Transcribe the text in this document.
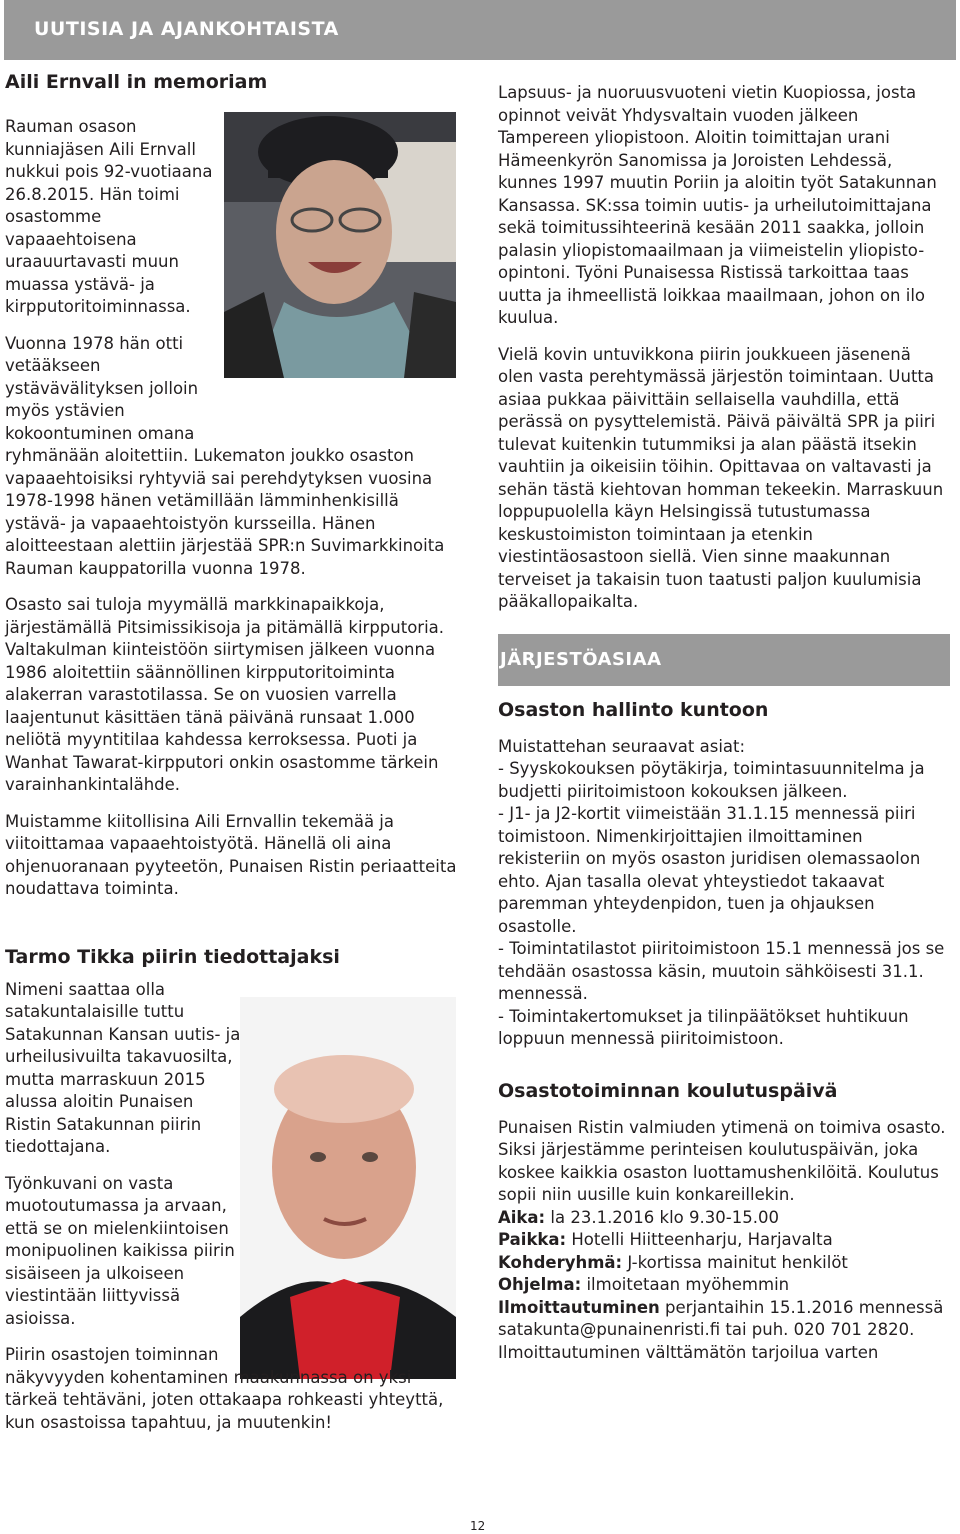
UUTISIA JA AJANKOHTAISTA

Aili Ernvall in memoriam

Rauman osason kunniajäsen Aili Ernvall nukkui pois 92-vuotiaana 26.8.2015. Hän toimi osastomme vapaaehtoisena uraauurtavasti muun muassa ystävä- ja kirpputoritoiminnassa.

Vuonna 1978 hän otti vetääkseen ystävävälityksen jolloin myös ystävien kokoontuminen omana ryhmänään aloitettiin. Lukematon joukko osaston vapaaehtoisiksi ryhtyviä sai perehdytyksen vuosina 1978-1998 hänen vetämillään lämminhenkisillä ystävä- ja vapaaehtoistyön kursseilla. Hänen aloitteestaan alettiin järjestää SPR:n Suvimarkkinoita Rauman kauppatorilla vuonna 1978.

Osasto sai tuloja myymällä markkinapaikkoja, järjestämällä Pitsimissikisoja ja pitämällä kirpputoria. Valtakulman kiinteistöön siirtymisen jälkeen vuonna 1986 aloitettiin säännöllinen kirpputoritoiminta alakerran varastotilassa. Se on vuosien varrella laajentunut käsittäen tänä päivänä runsaat 1.000 neliötä myyntitilaa kahdessa kerroksessa. Puoti ja Wanhat Tawarat-kirpputori onkin osastomme tärkein varainhankintalähde.

Muistamme kiitollisina Aili Ernvallin tekemää ja viitoittamaa vapaaehtoistyötä. Hänellä oli aina ohjenuoranaan pyyteetön, Punaisen Ristin periaatteita noudattava toiminta.

Tarmo Tikka piirin tiedottajaksi

Nimeni saattaa olla satakuntalaisille tuttu Satakunnan Kansan uutis- ja urheilusivuilta takavuosilta, mutta marraskuun 2015 alussa aloitin Punaisen Ristin Satakunnan piirin tiedottajana.

Työnkuvani on vasta muotoutumassa ja arvaan, että se on mielenkiintoisen monipuolinen kaikissa piirin sisäiseen ja ulkoiseen viestintään liittyvissä asioissa.

Piirin osastojen toiminnan näkyvyyden kohentaminen maakunnassa on yksi tärkeä tehtäväni, joten ottakaapa rohkeasti yhteyttä, kun osastoissa tapahtuu, ja muutenkin!

Lapsuus- ja nuoruusvuoteni vietin Kuopiossa, josta opinnot veivät Yhdysvaltain vuoden jälkeen Tampereen yliopistoon. Aloitin toimittajan urani Hämeenkyrön Sanomissa ja Joroisten Lehdessä, kunnes 1997 muutin Poriin ja aloitin työt Satakunnan Kansassa. SK:ssa toimin uutis- ja urheilutoimittajana sekä toimitussihteerinä kesään 2011 saakka, jolloin palasin yliopistomaailmaan ja viimeistelin yliopisto-opintoni. Työni Punaisessa Ristissä tarkoittaa taas uutta ja ihmeellistä loikkaa maailmaan, johon on ilo kuulua.

Vielä kovin untuvikkona piirin joukkueen jäsenenä olen vasta perehtymässä järjestön toimintaan. Uutta asiaa pukkaa päivittäin sellaisella vauhdilla, että perässä on pysyttelemistä. Päivä päivältä SPR ja piiri tulevat kuitenkin tutummiksi ja alan päästä itsekin vauhtiin ja oikeisiin töihin. Opittavaa on valtavasti ja sehän tästä kiehtovan homman tekeekin. Marraskuun loppupuolella käyn Helsingissä tutustumassa keskustoimiston toimintaan ja etenkin viestintäosastoon siellä. Vien sinne maakunnan terveiset ja takaisin tuon taatusti paljon kuulumisia pääkallopaikalta.

JÄRJESTÖASIAA

Osaston hallinto kuntoon

Muistattehan seuraavat asiat:

- Syyskokouksen pöytäkirja, toimintasuunnitelma ja budjetti piiritoimistoon kokouksen jälkeen.

- J1- ja J2-kortit viimeistään 31.1.15 mennessä piiri toimistoon. Nimenkirjoittajien ilmoittaminen rekisteriin on myös osaston juridisen olemassaolon ehto. Ajan tasalla olevat yhteystiedot takaavat paremman yhteydenpidon, tuen ja ohjauksen osastolle.

- Toimintatilastot piiritoimistoon 15.1 mennessä jos se tehdään osastossa käsin, muutoin sähköisesti 31.1. mennessä.

- Toimintakertomukset ja tilinpäätökset huhtikuun loppuun mennessä piiritoimistoon.

Osastotoiminnan koulutuspäivä

Punaisen Ristin valmiuden ytimenä on toimiva osasto. Siksi järjestämme perinteisen koulutuspäivän, joka koskee kaikkia osaston luottamushenkilöitä. Koulutus sopii niin uusille kuin konkareillekin.

Aika: la 23.1.2016 klo 9.30-15.00

Paikka: Hotelli Hiitteenharju, Harjavalta

Kohderyhmä: J-kortissa mainitut henkilöt

Ohjelma: ilmoitetaan myöhemmin

Ilmoittautuminen perjantaihin 15.1.2016 mennessä satakunta@punainenristi.fi tai puh. 020 701 2820. Ilmoittautuminen välttämätön tarjoilua varten

12
